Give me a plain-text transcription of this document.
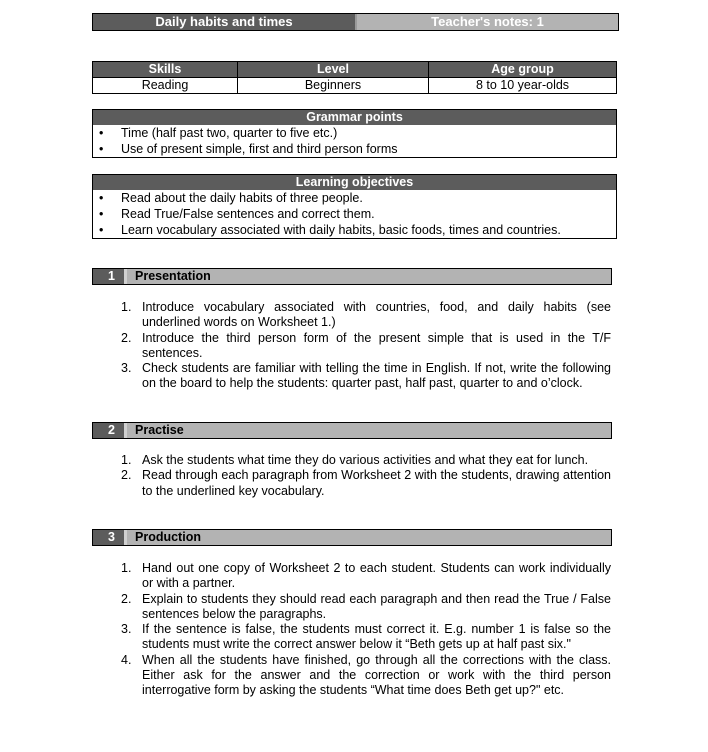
Daily habits and times	Teacher's notes: 1
Skills	Level	Age group
Reading	Beginners	8 to 10 year-olds
Grammar points
• Time (half past two, quarter to five etc.)
• Use of present simple, first and third person forms
Learning objectives
• Read about the daily habits of three people.
• Read True/False sentences and correct them.
• Learn vocabulary associated with daily habits, basic foods, times and countries.
1	Presentation
1. Introduce vocabulary associated with countries, food, and daily habits (see underlined words on Worksheet 1.)
2. Introduce the third person form of the present simple that is used in the T/F sentences.
3. Check students are familiar with telling the time in English. If not, write the following on the board to help the students: quarter past, half past, quarter to and o’clock.
2	Practise
1. Ask the students what time they do various activities and what they eat for lunch.
2. Read through each paragraph from Worksheet 2 with the students, drawing attention to the underlined key vocabulary.
3	Production
1. Hand out one copy of Worksheet 2 to each student. Students can work individually or with a partner.
2. Explain to students they should read each paragraph and then read the True / False sentences below the paragraphs.
3. If the sentence is false, the students must correct it. E.g. number 1 is false so the students must write the correct answer below it “Beth gets up at half past six."
4. When all the students have finished, go through all the corrections with the class. Either ask for the answer and the correction or work with the third person interrogative form by asking the students “What time does Beth get up?" etc.
